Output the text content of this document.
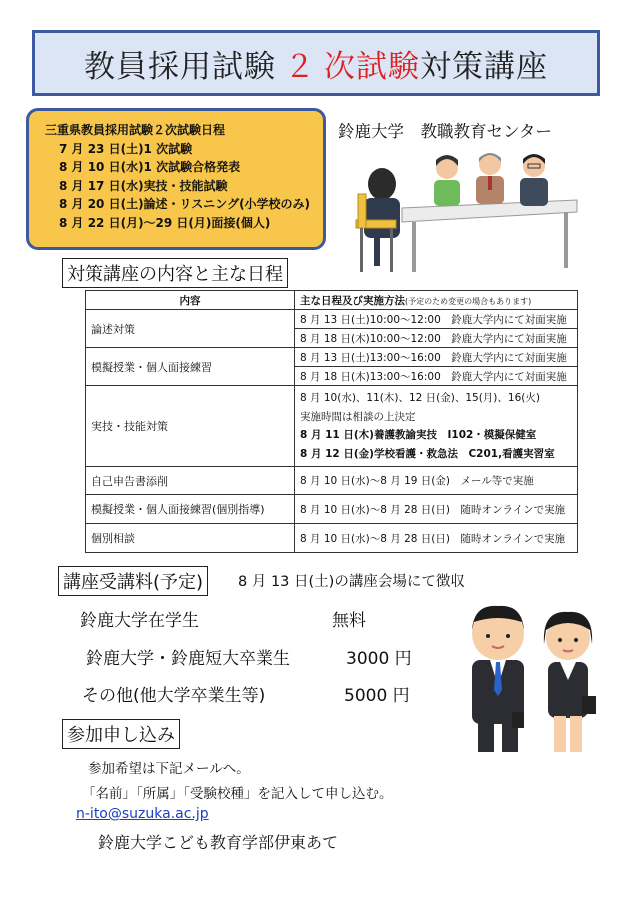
教員採用試験 ２ 次試験 対策講座
三重県教員採用試験２次試験日程
7 月 23 日(土)1 次試験
8 月 10 日(水)1 次試験合格発表
8 月 17 日(水)実技・技能試験
8 月 20 日(土)論述・リスニング(小学校のみ)
8 月 22 日(月)～29 日(月)面接(個人)
鈴鹿大学　教職教育センター
対策講座の内容と主な日程
内容	主な日程及び実施方法(予定のため変更の場合もあります)
論述対策	8 月 13 日(土)10:00～12:00　鈴鹿大学内にて対面実施
	8 月 18 日(木)10:00～12:00　鈴鹿大学内にて対面実施
模擬授業・個人面接練習	8 月 13 日(土)13:00～16:00　鈴鹿大学内にて対面実施
	8 月 18 日(木)13:00～16:00　鈴鹿大学内にて対面実施
実技・技能対策	8 月 10(水)、11(木)、12 日(金)、15(月)、16(火)
実施時間は相談の上決定
8 月 11 日(木)養護教諭実技　I102・模擬保健室
8 月 12 日(金)学校看護・救急法　C201,看護実習室

自己申告書添削	8 月 10 日(水)～8 月 19 日(金)　メール等で実施
模擬授業・個人面接練習(個別指導)	8 月 10 日(水)～8 月 28 日(日)　随時オンラインで実施
個別相談	8 月 10 日(水)～8 月 28 日(日)　随時オンラインで実施
講座受講料(予定)	8 月 13 日(土)の講座会場にて徴収
鈴鹿大学在学生	無料
鈴鹿大学・鈴鹿短大卒業生	3000 円
その他(他大学卒業生等)	5000 円
参加申し込み
参加希望は下記メールへ。
「名前」「所属」「受験校種」を記入して申し込む。
n-ito@suzuka.ac.jp
鈴鹿大学こども教育学部伊東あて
